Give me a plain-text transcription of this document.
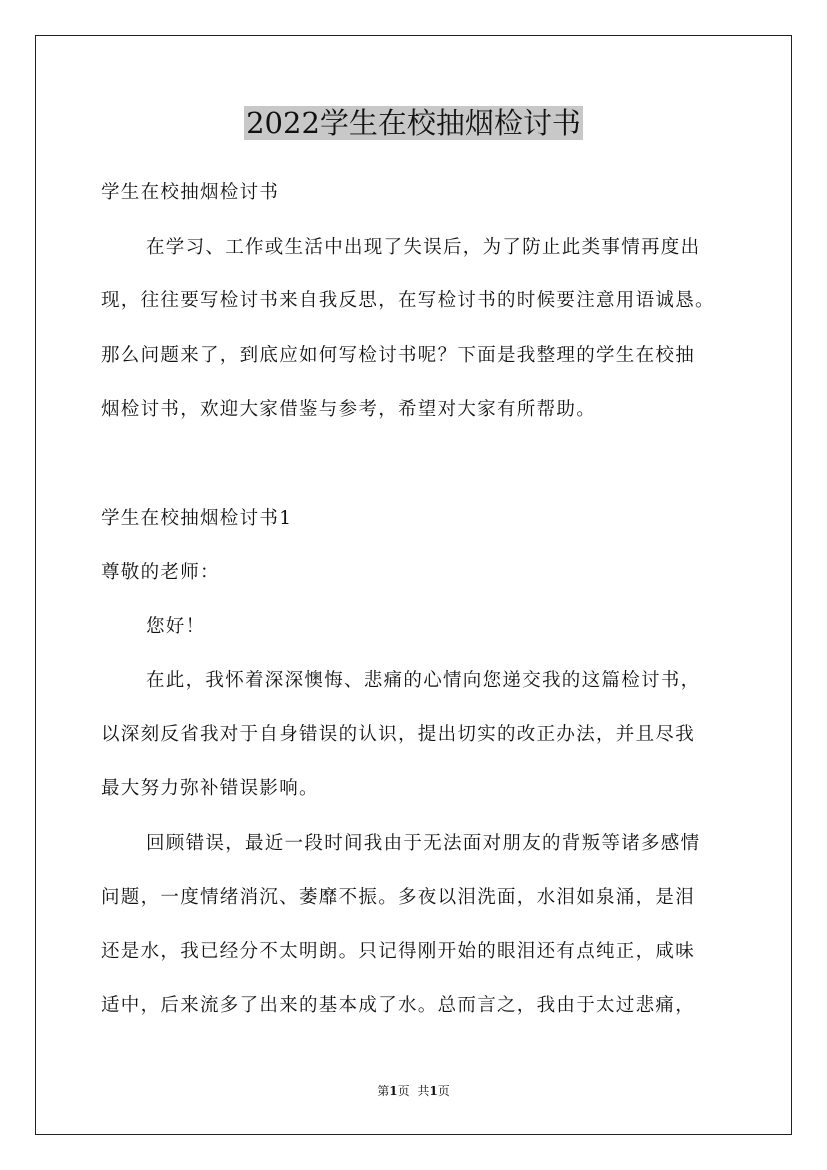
2022学生在校抽烟检讨书
学生在校抽烟检讨书
在学习、工作或生活中出现了失误后，为了防止此类事情再度出
现，往往要写检讨书来自我反思，在写检讨书的时候要注意用语诚恳。
那么问题来了，到底应如何写检讨书呢？下面是我整理的学生在校抽
烟检讨书，欢迎大家借鉴与参考，希望对大家有所帮助。
学生在校抽烟检讨书1
尊敬的老师：
您好！
在此，我怀着深深懊悔、悲痛的心情向您递交我的这篇检讨书，
以深刻反省我对于自身错误的认识，提出切实的改正办法，并且尽我
最大努力弥补错误影响。
回顾错误，最近一段时间我由于无法面对朋友的背叛等诸多感情
问题，一度情绪消沉、萎靡不振。多夜以泪洗面，水泪如泉涌，是泪
还是水，我已经分不太明朗。只记得刚开始的眼泪还有点纯正，咸味
适中，后来流多了出来的基本成了水。总而言之，我由于太过悲痛，
第1页 共1页
